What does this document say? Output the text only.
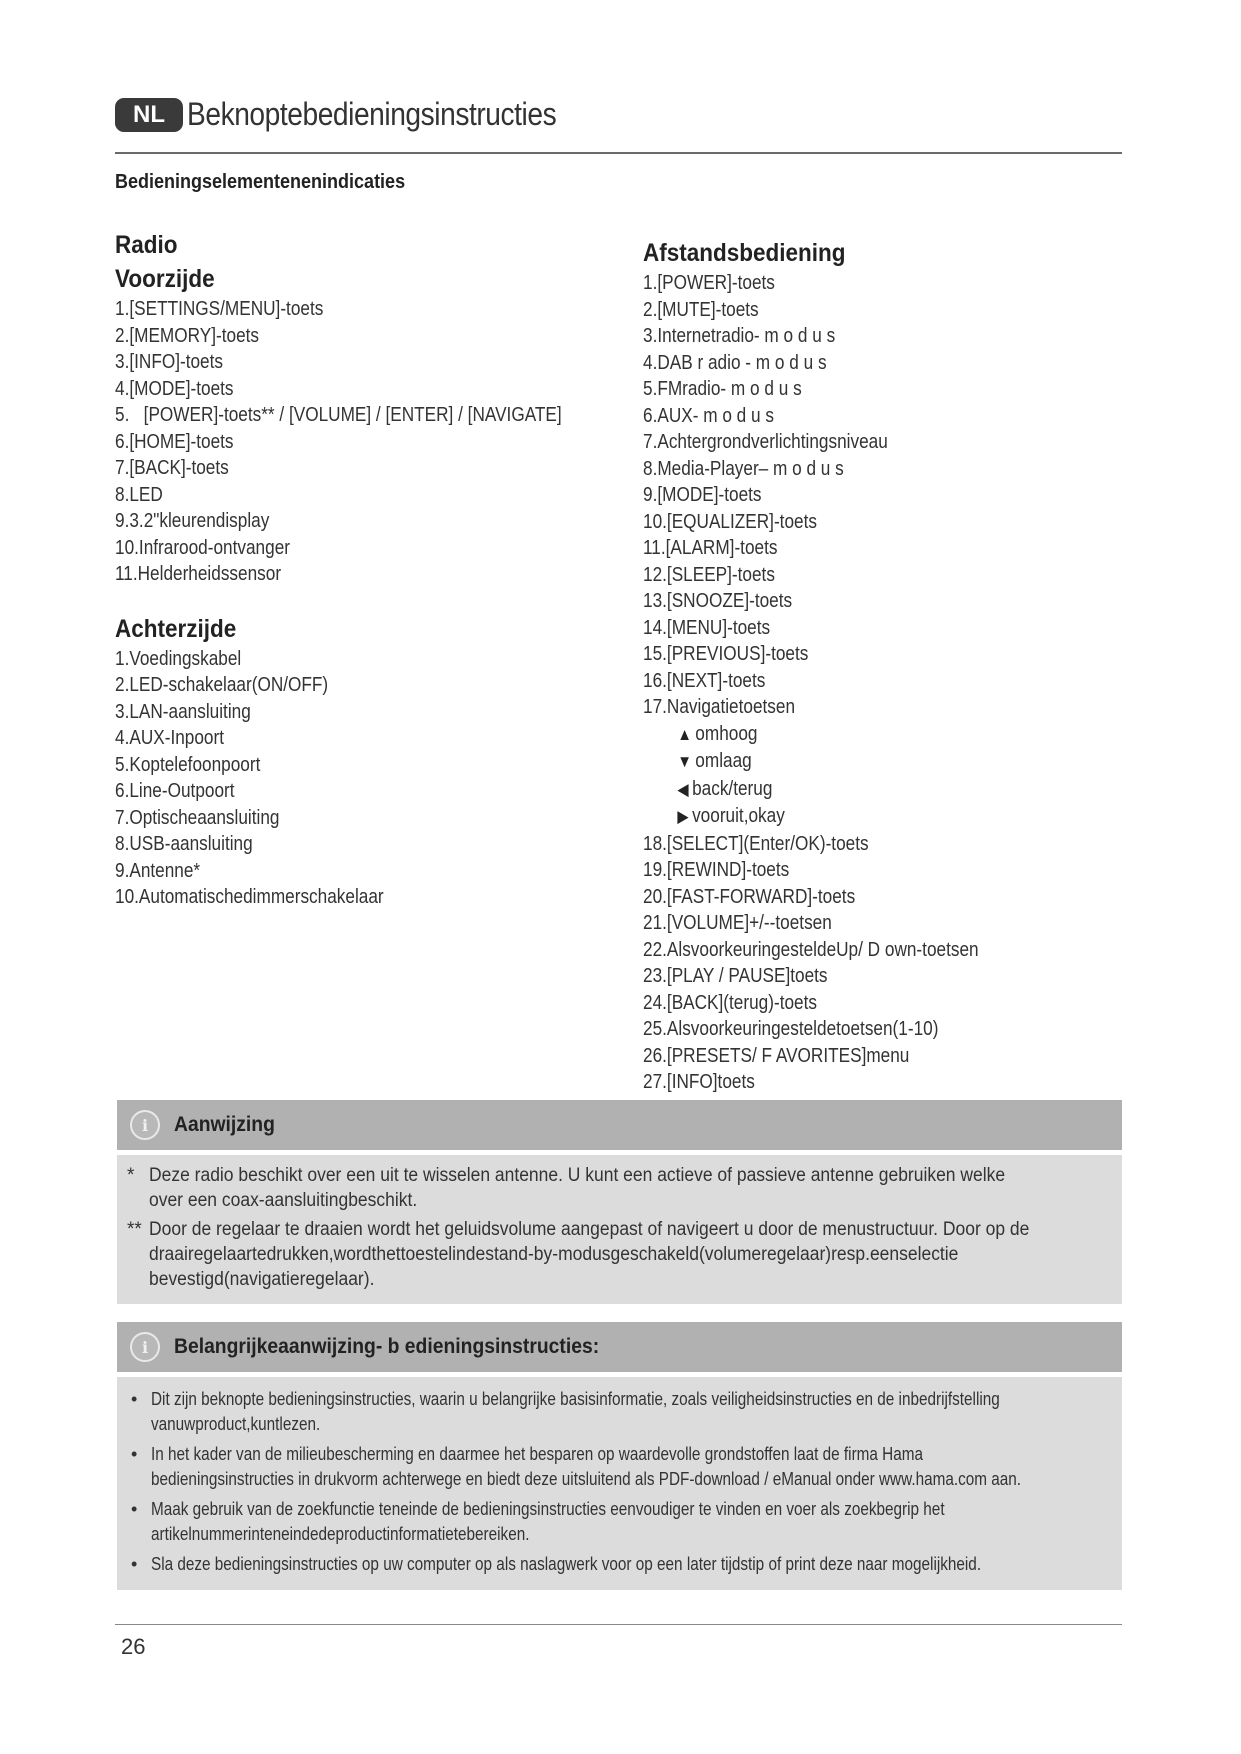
NL Beknoptebedieningsinstructies
Bedieningselementenenindicaties
Radio
Voorzijde
1.[SETTINGS/MENU]-toets
2.[MEMORY]-toets
3.[INFO]-toets
4.[MODE]-toets
5.   [POWER]-toets** / [VOLUME] / [ENTER] / [NAVIGATE]
6.[HOME]-toets
7.[BACK]-toets
8.LED
9.3.2"kleurendisplay
10.Infrarood-ontvanger
11.Helderheidssensor
Achterzijde
1.Voedingskabel
2.LED-schakelaar(ON/OFF)
3.LAN-aansluiting
4.AUX-Inpoort
5.Koptelefoonpoort
6.Line-Outpoort
7.Optischeaansluiting
8.USB-aansluiting
9.Antenne*
10.Automatischedimmerschakelaar
Afstandsbediening
1.[POWER]-toets
2.[MUTE]-toets
3.Internetradio- m o d u s
4.DAB r adio - m o d u s
5.FMradio- m o d u s
6.AUX- m o d u s
7.Achtergrondverlichtingsniveau
8.Media-Player– m o d u s
9.[MODE]-toets
10.[EQUALIZER]-toets
11.[ALARM]-toets
12.[SLEEP]-toets
13.[SNOOZE]-toets
14.[MENU]-toets
15.[PREVIOUS]-toets
16.[NEXT]-toets
17.Navigatietoetsen
▲ omhoog
▼ omlaag
◀ back/terug
▶ vooruit,okay
18.[SELECT](Enter/OK)-toets
19.[REWIND]-toets
20.[FAST-FORWARD]-toets
21.[VOLUME]+/--toetsen
22.AlsvoorkeuringesteldeUp/ D own-toetsen
23.[PLAY / PAUSE]toets
24.[BACK](terug)-toets
25.Alsvoorkeuringesteldetoetsen(1-10)
26.[PRESETS/ F AVORITES]menu
27.[INFO]toets
i	Aanwijzing
* Deze radio beschikt over een uit te wisselen antenne. U kunt een actieve of passieve antenne gebruiken welke over een coax-aansluitingbeschikt.
** Door de regelaar te draaien wordt het geluidsvolume aangepast of navigeert u door de menustructuur. Door op de draairegelaartedrukken,wordthettoestelindestand-by-modusgeschakeld(volumeregelaar)resp.eenselectie bevestigd(navigatieregelaar).
i	Belangrijkeaanwijzing- b edieningsinstructies:
• Dit zijn beknopte bedieningsinstructies, waarin u belangrijke basisinformatie, zoals veiligheidsinstructies en de inbedrijfstelling vanuwproduct,kuntlezen.
• In het kader van de milieubescherming en daarmee het besparen op waardevolle grondstoffen laat de firma Hama bedieningsinstructies in drukvorm achterwege en biedt deze uitsluitend als PDF-download / eManual onder www.hama.com aan.
• Maak gebruik van de zoekfunctie teneinde de bedieningsinstructies eenvoudiger te vinden en voer als zoekbegrip het artikelnummerinteneindedeproductinformatietebereiken.
• Sla deze bedieningsinstructies op uw computer op als naslagwerk voor op een later tijdstip of print deze naar mogelijkheid.
26
